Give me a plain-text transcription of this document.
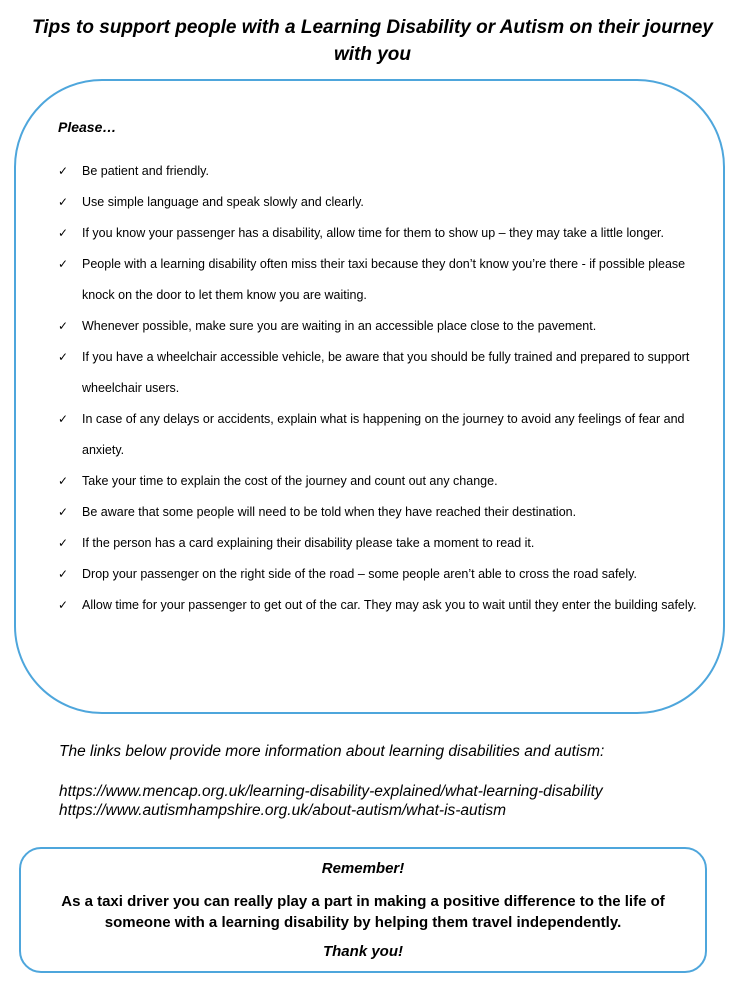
Tips to support people with a Learning Disability or Autism on their journey with you
Please…
✓ Be patient and friendly.
✓ Use simple language and speak slowly and clearly.
✓ If you know your passenger has a disability, allow time for them to show up – they may take a little longer.
✓ People with a learning disability often miss their taxi because they don’t know you’re there - if possible please knock on the door to let them know you are waiting.
✓ Whenever possible, make sure you are waiting in an accessible place close to the pavement.
✓ If you have a wheelchair accessible vehicle, be aware that you should be fully trained and prepared to support wheelchair users.
✓ In case of any delays or accidents, explain what is happening on the journey to avoid any feelings of fear and anxiety.
✓ Take your time to explain the cost of the journey and count out any change.
✓ Be aware that some people will need to be told when they have reached their destination.
✓ If the person has a card explaining their disability please take a moment to read it.
✓ Drop your passenger on the right side of the road – some people aren’t able to cross the road safely.
✓ Allow time for your passenger to get out of the car. They may ask you to wait until they enter the building safely.
The links below provide more information about learning disabilities and autism:
https://www.mencap.org.uk/learning-disability-explained/what-learning-disability
https://www.autismhampshire.org.uk/about-autism/what-is-autism
Remember!
As a taxi driver you can really play a part in making a positive difference to the life of someone with a learning disability by helping them travel independently.
Thank you!
